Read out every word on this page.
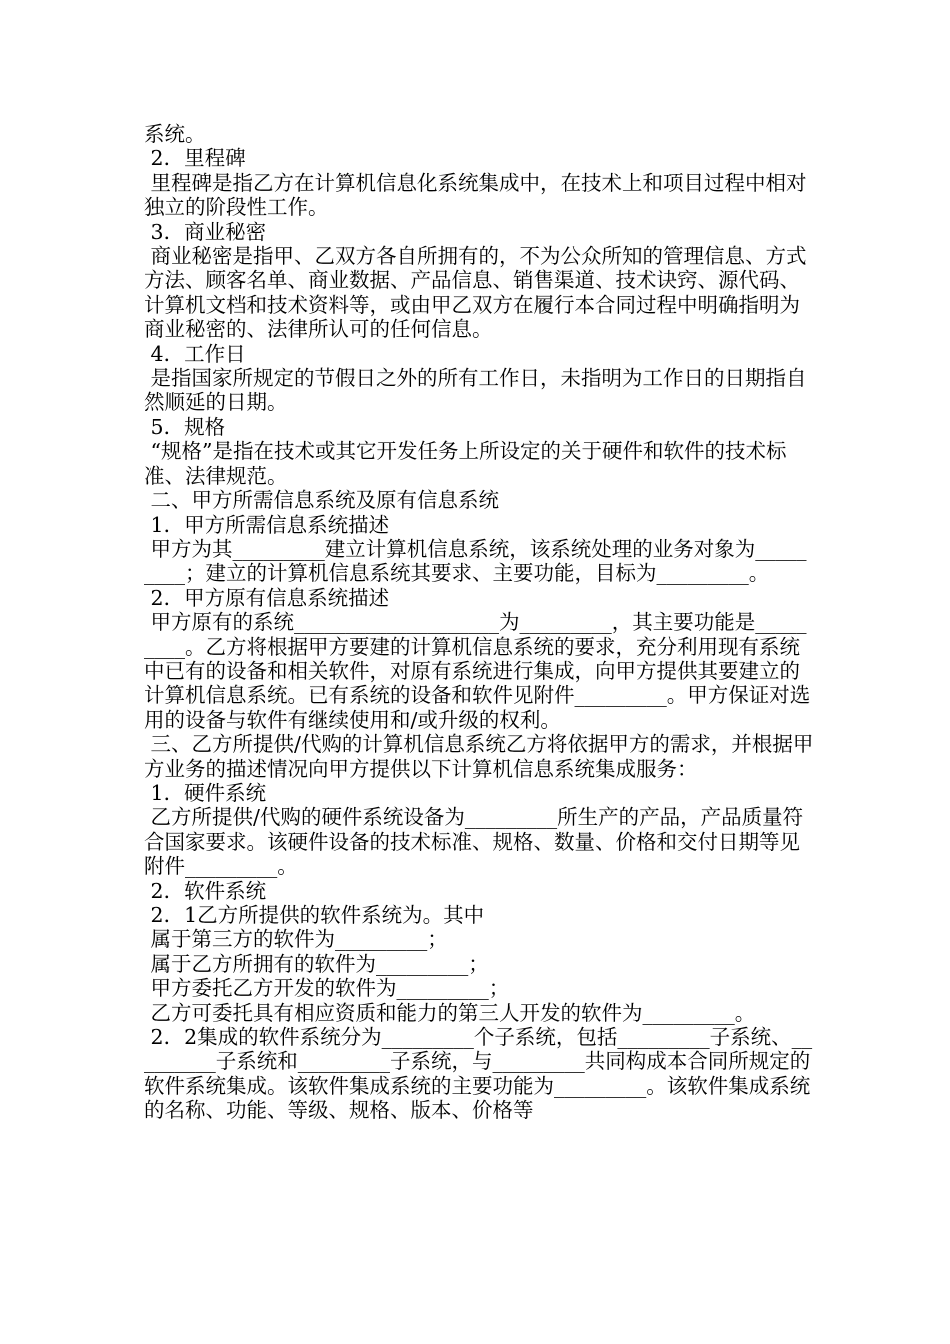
系统。

2．里程碑

里程碑是指乙方在计算机信息化系统集成中，在技术上和项目过程中相对独立的阶段性工作。

3．商业秘密

商业秘密是指甲、乙双方各自所拥有的，不为公众所知的管理信息、方式方法、顾客名单、商业数据、产品信息、销售渠道、技术诀窍、源代码、计算机文档和技术资料等，或由甲乙双方在履行本合同过程中明确指明为商业秘密的、法律所认可的任何信息。

4．工作日

是指国家所规定的节假日之外的所有工作日，未指明为工作日的日期指自然顺延的日期。

5．规格

“规格”是指在技术或其它开发任务上所设定的关于硬件和软件的技术标准、法律规范。

二、甲方所需信息系统及原有信息系统

1．甲方所需信息系统描述

甲方为其_________建立计算机信息系统，该系统处理的业务对象为_________；建立的计算机信息系统其要求、主要功能，目标为_________。

2．甲方原有信息系统描述

甲方原有的系统____________________为_________，其主要功能是_________。乙方将根据甲方要建的计算机信息系统的要求，充分利用现有系统中已有的设备和相关软件，对原有系统进行集成，向甲方提供其要建立的计算机信息系统。已有系统的设备和软件见附件_________。甲方保证对选用的设备与软件有继续使用和/或升级的权利。

三、乙方所提供/代购的计算机信息系统乙方将依据甲方的需求，并根据甲方业务的描述情况向甲方提供以下计算机信息系统集成服务：

1．硬件系统

乙方所提供/代购的硬件系统设备为_________所生产的产品，产品质量符合国家要求。该硬件设备的技术标准、规格、数量、价格和交付日期等见附件_________。

2．软件系统

2．1乙方所提供的软件系统为。其中

属于第三方的软件为_________；

属于乙方所拥有的软件为_________；

甲方委托乙方开发的软件为_________；

乙方可委托具有相应资质和能力的第三人开发的软件为_________。

2．2集成的软件系统分为_________个子系统，包括_________子系统、_________子系统和_________子系统，与_________共同构成本合同所规定的软件系统集成。该软件集成系统的主要功能为_________。该软件集成系统的名称、功能、等级、规格、版本、价格等
